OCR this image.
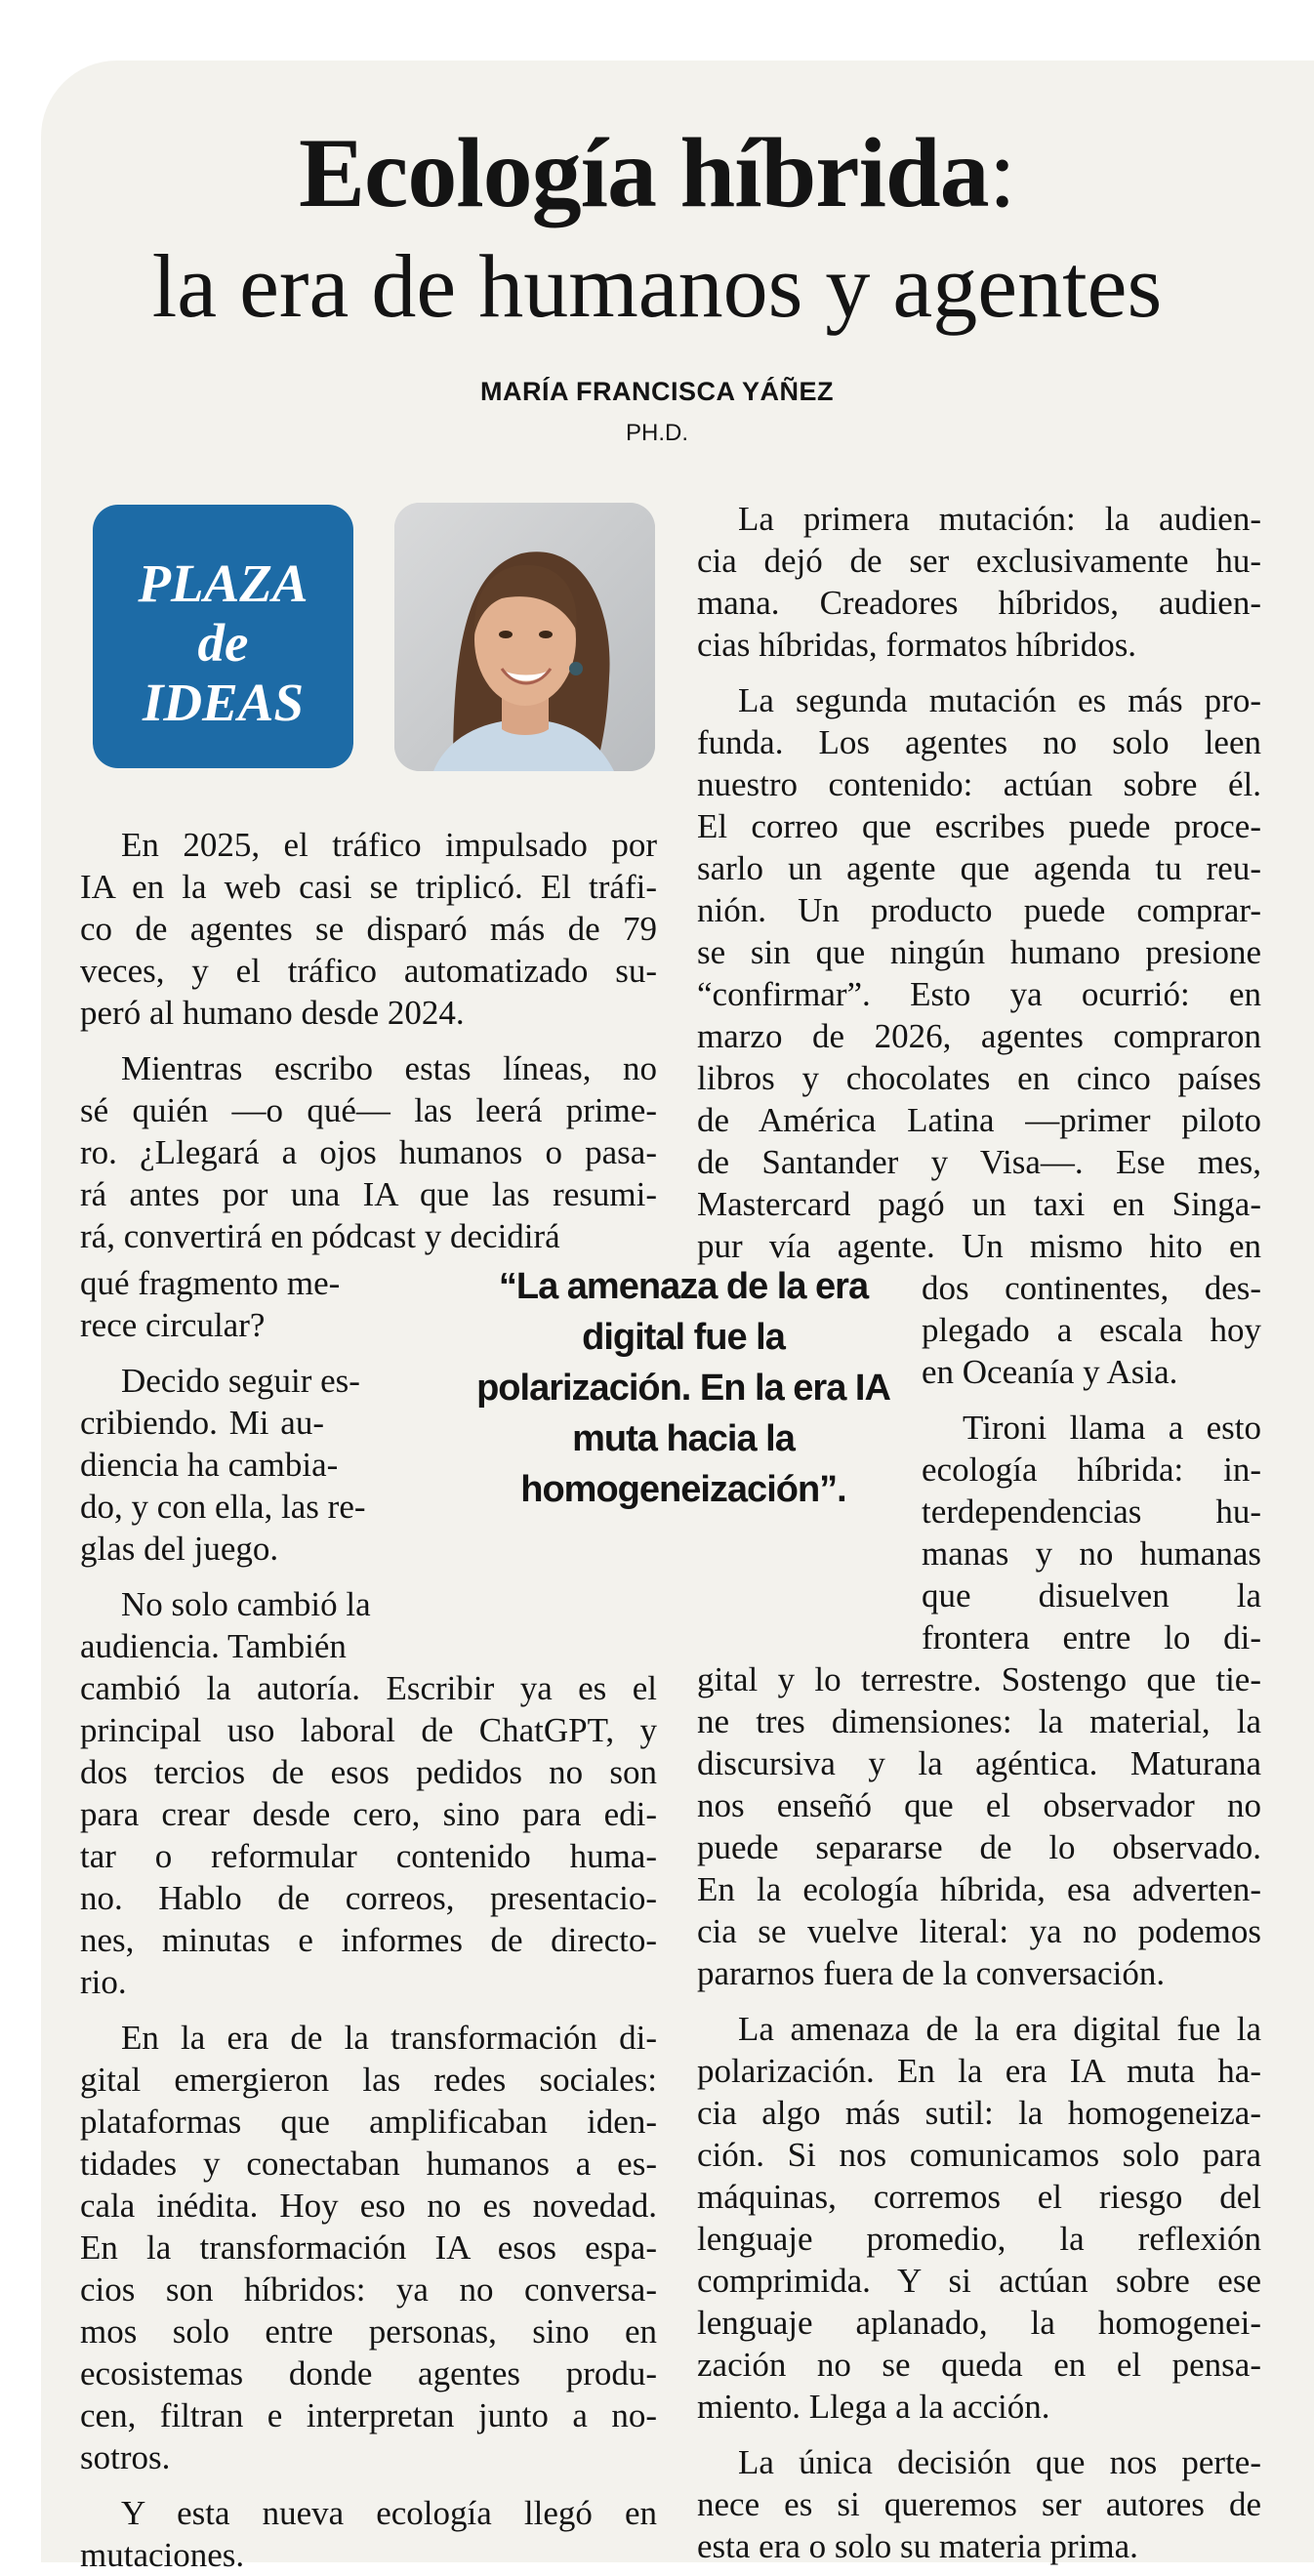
Ecología híbrida:
la era de humanos y agentes
MARÍA FRANCISCA YÁÑEZ
PH.D.
PLAZA
de
IDEAS
En 2025, el tráfico impulsado por
IA en la web casi se triplicó. El tráfi-
co de agentes se disparó más de 79
veces, y el tráfico automatizado su-
peró al humano desde 2024.
Mientras escribo estas líneas, no
sé quién —o qué— las leerá prime-
ro. ¿Llegará a ojos humanos o pasa-
rá antes por una IA que las resumi-
rá, convertirá en pódcast y decidirá
qué fragmento me-
rece circular?
Decido seguir es-
cribiendo. Mi au-
diencia ha cambia-
do, y con ella, las re-
glas del juego.
No solo cambió la
audiencia. También
cambió la autoría. Escribir ya es el
principal uso laboral de ChatGPT, y
dos tercios de esos pedidos no son
para crear desde cero, sino para edi-
tar o reformular contenido huma-
no. Hablo de correos, presentacio-
nes, minutas e informes de directo-
rio.
En la era de la transformación di-
gital emergieron las redes sociales:
plataformas que amplificaban iden-
tidades y conectaban humanos a es-
cala inédita. Hoy eso no es novedad.
En la transformación IA esos espa-
cios son híbridos: ya no conversa-
mos solo entre personas, sino en
ecosistemas donde agentes produ-
cen, filtran e interpretan junto a no-
sotros.
Y esta nueva ecología llegó en
mutaciones.
La primera mutación: la audien-
cia dejó de ser exclusivamente hu-
mana. Creadores híbridos, audien-
cias híbridas, formatos híbridos.
La segunda mutación es más pro-
funda. Los agentes no solo leen
nuestro contenido: actúan sobre él.
El correo que escribes puede proce-
sarlo un agente que agenda tu reu-
nión. Un producto puede comprar-
se sin que ningún humano presione
“confirmar”. Esto ya ocurrió: en
marzo de 2026, agentes compraron
libros y chocolates en cinco países
de América Latina —primer piloto
de Santander y Visa—. Ese mes,
Mastercard pagó un taxi en Singa-
pur vía agente. Un mismo hito en
dos continentes, des-
plegado a escala hoy
en Oceanía y Asia.
Tironi llama a esto
ecología híbrida: in-
terdependencias hu-
manas y no humanas
que disuelven la
frontera entre lo di-
gital y lo terrestre. Sostengo que tie-
ne tres dimensiones: la material, la
discursiva y la agéntica. Maturana
nos enseñó que el observador no
puede separarse de lo observado.
En la ecología híbrida, esa adverten-
cia se vuelve literal: ya no podemos
pararnos fuera de la conversación.
La amenaza de la era digital fue la
polarización. En la era IA muta ha-
cia algo más sutil: la homogeneiza-
ción. Si nos comunicamos solo para
máquinas, corremos el riesgo del
lenguaje promedio, la reflexión
comprimida. Y si actúan sobre ese
lenguaje aplanado, la homogenei-
zación no se queda en el pensa-
miento. Llega a la acción.
La única decisión que nos perte-
nece es si queremos ser autores de
esta era o solo su materia prima.
“La amenaza de la era
digital fue la
polarización. En la era IA
muta hacia la
homogeneización”.
